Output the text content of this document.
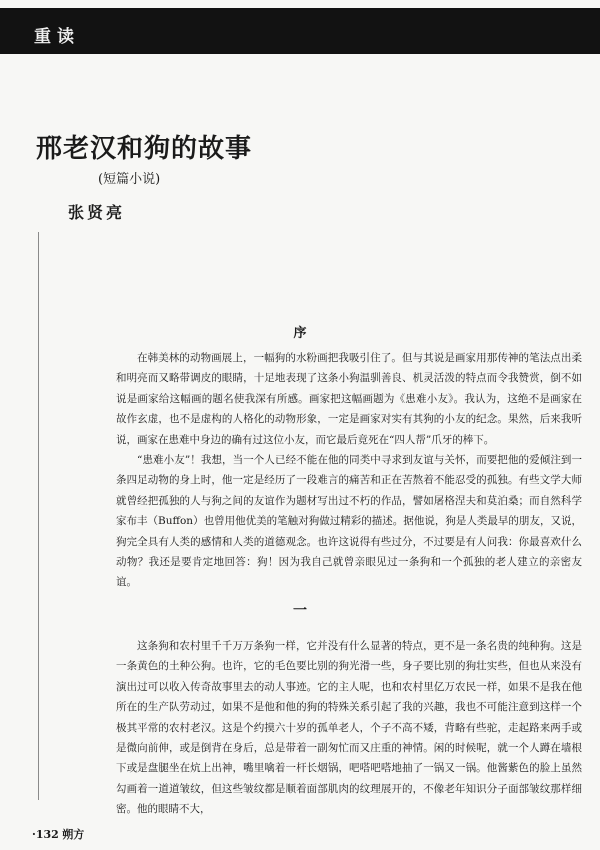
重读
邢老汉和狗的故事
(短篇小说)
张贤亮
序

在韩美林的动物画展上，一幅狗的水粉画把我吸引住了。但与其说是画家用那传神的笔法点出柔和明亮而又略带调皮的眼睛，十足地表现了这条小狗温驯善良、机灵活泼的特点而令我赞赏，倒不如说是画家给这幅画的题名使我深有所感。画家把这幅画题为《患难小友》。我认为，这绝不是画家在故作玄虚，也不是虚构的人格化的动物形象，一定是画家对实有其狗的小友的纪念。果然，后来我听说，画家在患难中身边的确有过这位小友，而它最后竟死在“四人帮”爪牙的棒下。

“患难小友”！我想，当一个人已经不能在他的同类中寻求到友谊与关怀，而要把他的爱倾注到一条四足动物的身上时，他一定是经历了一段难言的痛苦和正在苦熬着不能忍受的孤独。有些文学大师就曾经把孤独的人与狗之间的友谊作为题材写出过不朽的作品，譬如屠格涅夫和莫泊桑；而自然科学家布丰（Buffon）也曾用他优美的笔触对狗做过精彩的描述。据他说，狗是人类最早的朋友，又说，狗完全具有人类的感情和人类的道德观念。也许这说得有些过分，不过要是有人问我：你最喜欢什么动物？我还是要肯定地回答：狗！因为我自己就曾亲眼见过一条狗和一个孤独的老人建立的亲密友谊。

一

这条狗和农村里千千万万条狗一样，它并没有什么显著的特点，更不是一条名贵的纯种狗。这是一条黄色的土种公狗。也许，它的毛色要比别的狗光滑一些，身子要比别的狗壮实些，但也从来没有演出过可以收入传奇故事里去的动人事迹。它的主人呢，也和农村里亿万农民一样，如果不是我在他所在的生产队劳动过，如果不是他和他的狗的特殊关系引起了我的兴趣，我也不可能注意到这样一个极其平常的农村老汉。这是个约摸六十岁的孤单老人，个子不高不矮，背略有些驼，走起路来两手或是微向前伸，或是倒背在身后，总是带着一副匆忙而又庄重的神情。闲的时候呢，就一个人蹲在墙根下或是盘腿坐在炕上出神，嘴里噙着一杆长烟锅，吧嗒吧嗒地抽了一锅又一锅。他酱紫色的脸上虽然勾画着一道道皱纹，但这些皱纹都是顺着面部肌肉的纹理展开的，不像老年知识分子面部皱纹那样细密。他的眼睛不大，

·132 朔方
